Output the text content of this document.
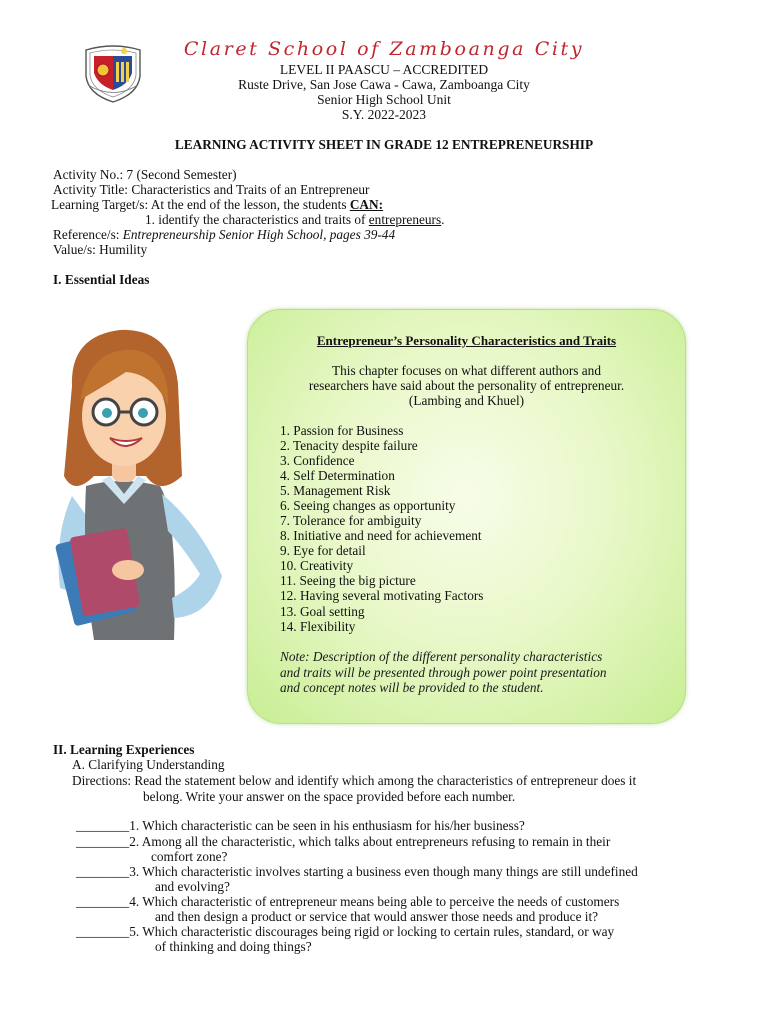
Claret School of Zamboanga City
LEVEL II PAASCU – ACCREDITED
Ruste Drive, San Jose Cawa - Cawa, Zamboanga City
Senior High School Unit
S.Y. 2022-2023
LEARNING ACTIVITY SHEET IN GRADE 12 ENTREPRENEURSHIP
Activity No.: 7 (Second Semester)
Activity Title: Characteristics and Traits of an Entrepreneur
Learning Target/s: At the end of the lesson, the students CAN:
1. identify the characteristics and traits of entrepreneurs.
Reference/s: Entrepreneurship Senior High School, pages 39-44
Value/s: Humility
I. Essential Ideas
Entrepreneur’s Personality Characteristics and Traits
This chapter focuses on what different authors and
researchers have said about the personality of entrepreneur.
(Lambing and Khuel)
1. Passion for Business
2. Tenacity despite failure
3. Confidence
4. Self Determination
5. Management Risk
6. Seeing changes as opportunity
7. Tolerance for ambiguity
8. Initiative and need for achievement
9. Eye for detail
10. Creativity
11. Seeing the big picture
12. Having several motivating Factors
13. Goal setting
14. Flexibility
Note: Description of the different personality characteristics
and traits will be presented through power point presentation
and concept notes will be provided to the student.
II. Learning Experiences
A. Clarifying Understanding
Directions: Read the statement below and identify which among the characteristics of entrepreneur does it
belong. Write your answer on the space provided before each number.
________1. Which characteristic can be seen in his enthusiasm for his/her business?
________2. Among all the characteristic, which talks about entrepreneurs refusing to remain in their
comfort zone?
________3. Which characteristic involves starting a business even though many things are still undefined
and evolving?
________4. Which characteristic of entrepreneur means being able to perceive the needs of customers
and then design a product or service that would answer those needs and produce it?
________5. Which characteristic discourages being rigid or locking to certain rules, standard, or way
of thinking and doing things?
